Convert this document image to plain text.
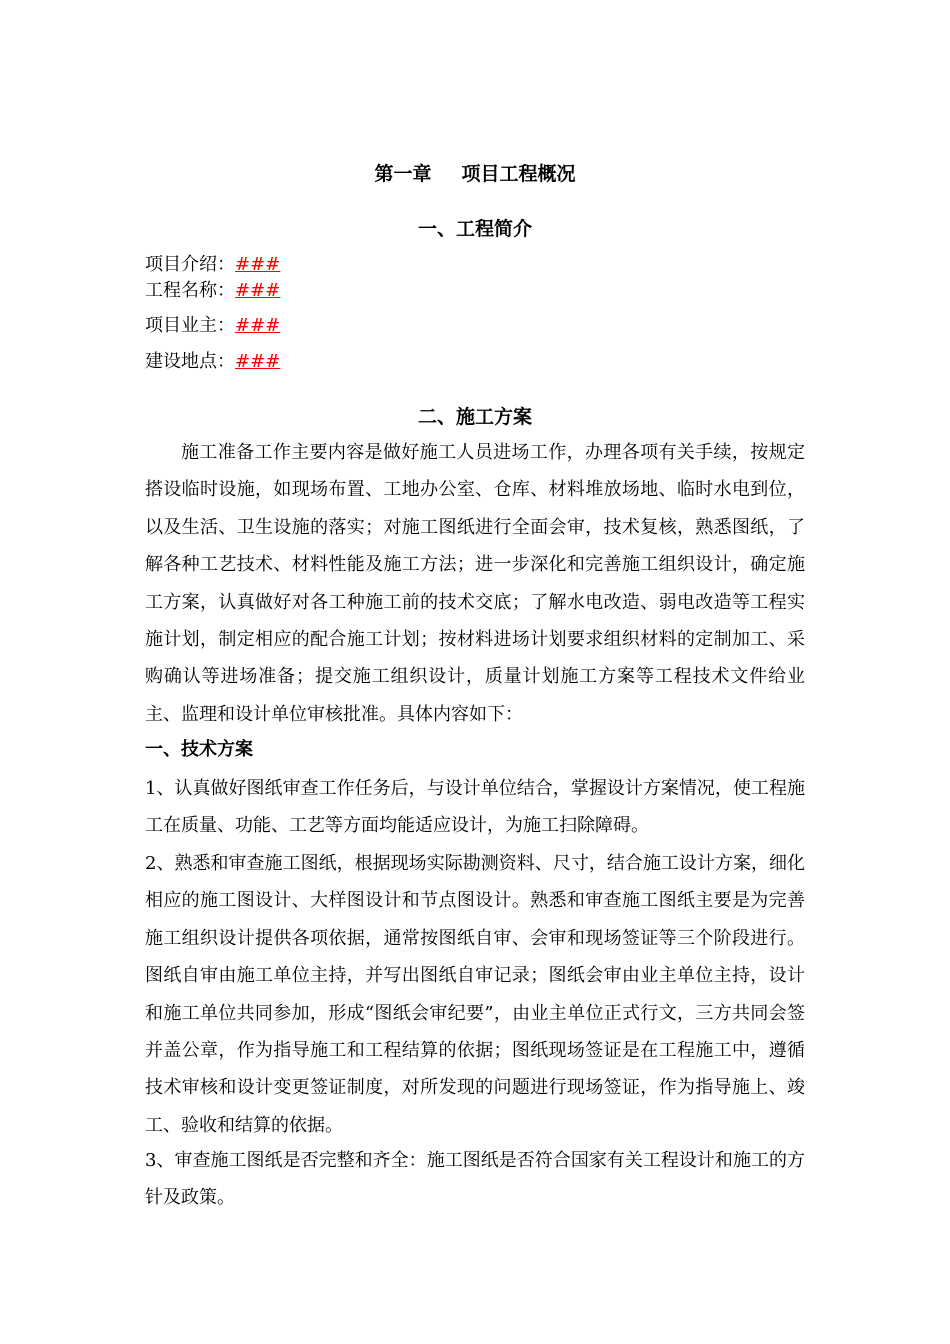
第一章 项目工程概况
一、工程简介
项目介绍：###
工程名称：###
项目业主：###
建设地点：###
二、施工方案

施工准备工作主要内容是做好施工人员进场工作，办理各项有关手续，按规定搭设临时设施，如现场布置、工地办公室、仓库、材料堆放场地、临时水电到位，以及生活、卫生设施的落实；对施工图纸进行全面会审，技术复核，熟悉图纸，了解各种工艺技术、材料性能及施工方法；进一步深化和完善施工组织设计，确定施工方案，认真做好对各工种施工前的技术交底；了解水电改造、弱电改造等工程实施计划，制定相应的配合施工计划；按材料进场计划要求组织材料的定制加工、采购确认等进场准备；提交施工组织设计，质量计划施工方案等工程技术文件给业主、监理和设计单位审核批准。具体内容如下：

一、技术方案

1、认真做好图纸审查工作任务后，与设计单位结合，掌握设计方案情况，使工程施工在质量、功能、工艺等方面均能适应设计，为施工扫除障碍。

2、熟悉和审查施工图纸，根据现场实际勘测资料、尺寸，结合施工设计方案，细化相应的施工图设计、大样图设计和节点图设计。熟悉和审查施工图纸主要是为完善施工组织设计提供各项依据，通常按图纸自审、会审和现场签证等三个阶段进行。图纸自审由施工单位主持，并写出图纸自审记录；图纸会审由业主单位主持，设计和施工单位共同参加，形成“图纸会审纪要”，由业主单位正式行文，三方共同会签并盖公章，作为指导施工和工程结算的依据；图纸现场签证是在工程施工中，遵循技术审核和设计变更签证制度，对所发现的问题进行现场签证，作为指导施上、竣工、验收和结算的依据。

3、审查施工图纸是否完整和齐全：施工图纸是否符合国家有关工程设计和施工的方针及政策。
